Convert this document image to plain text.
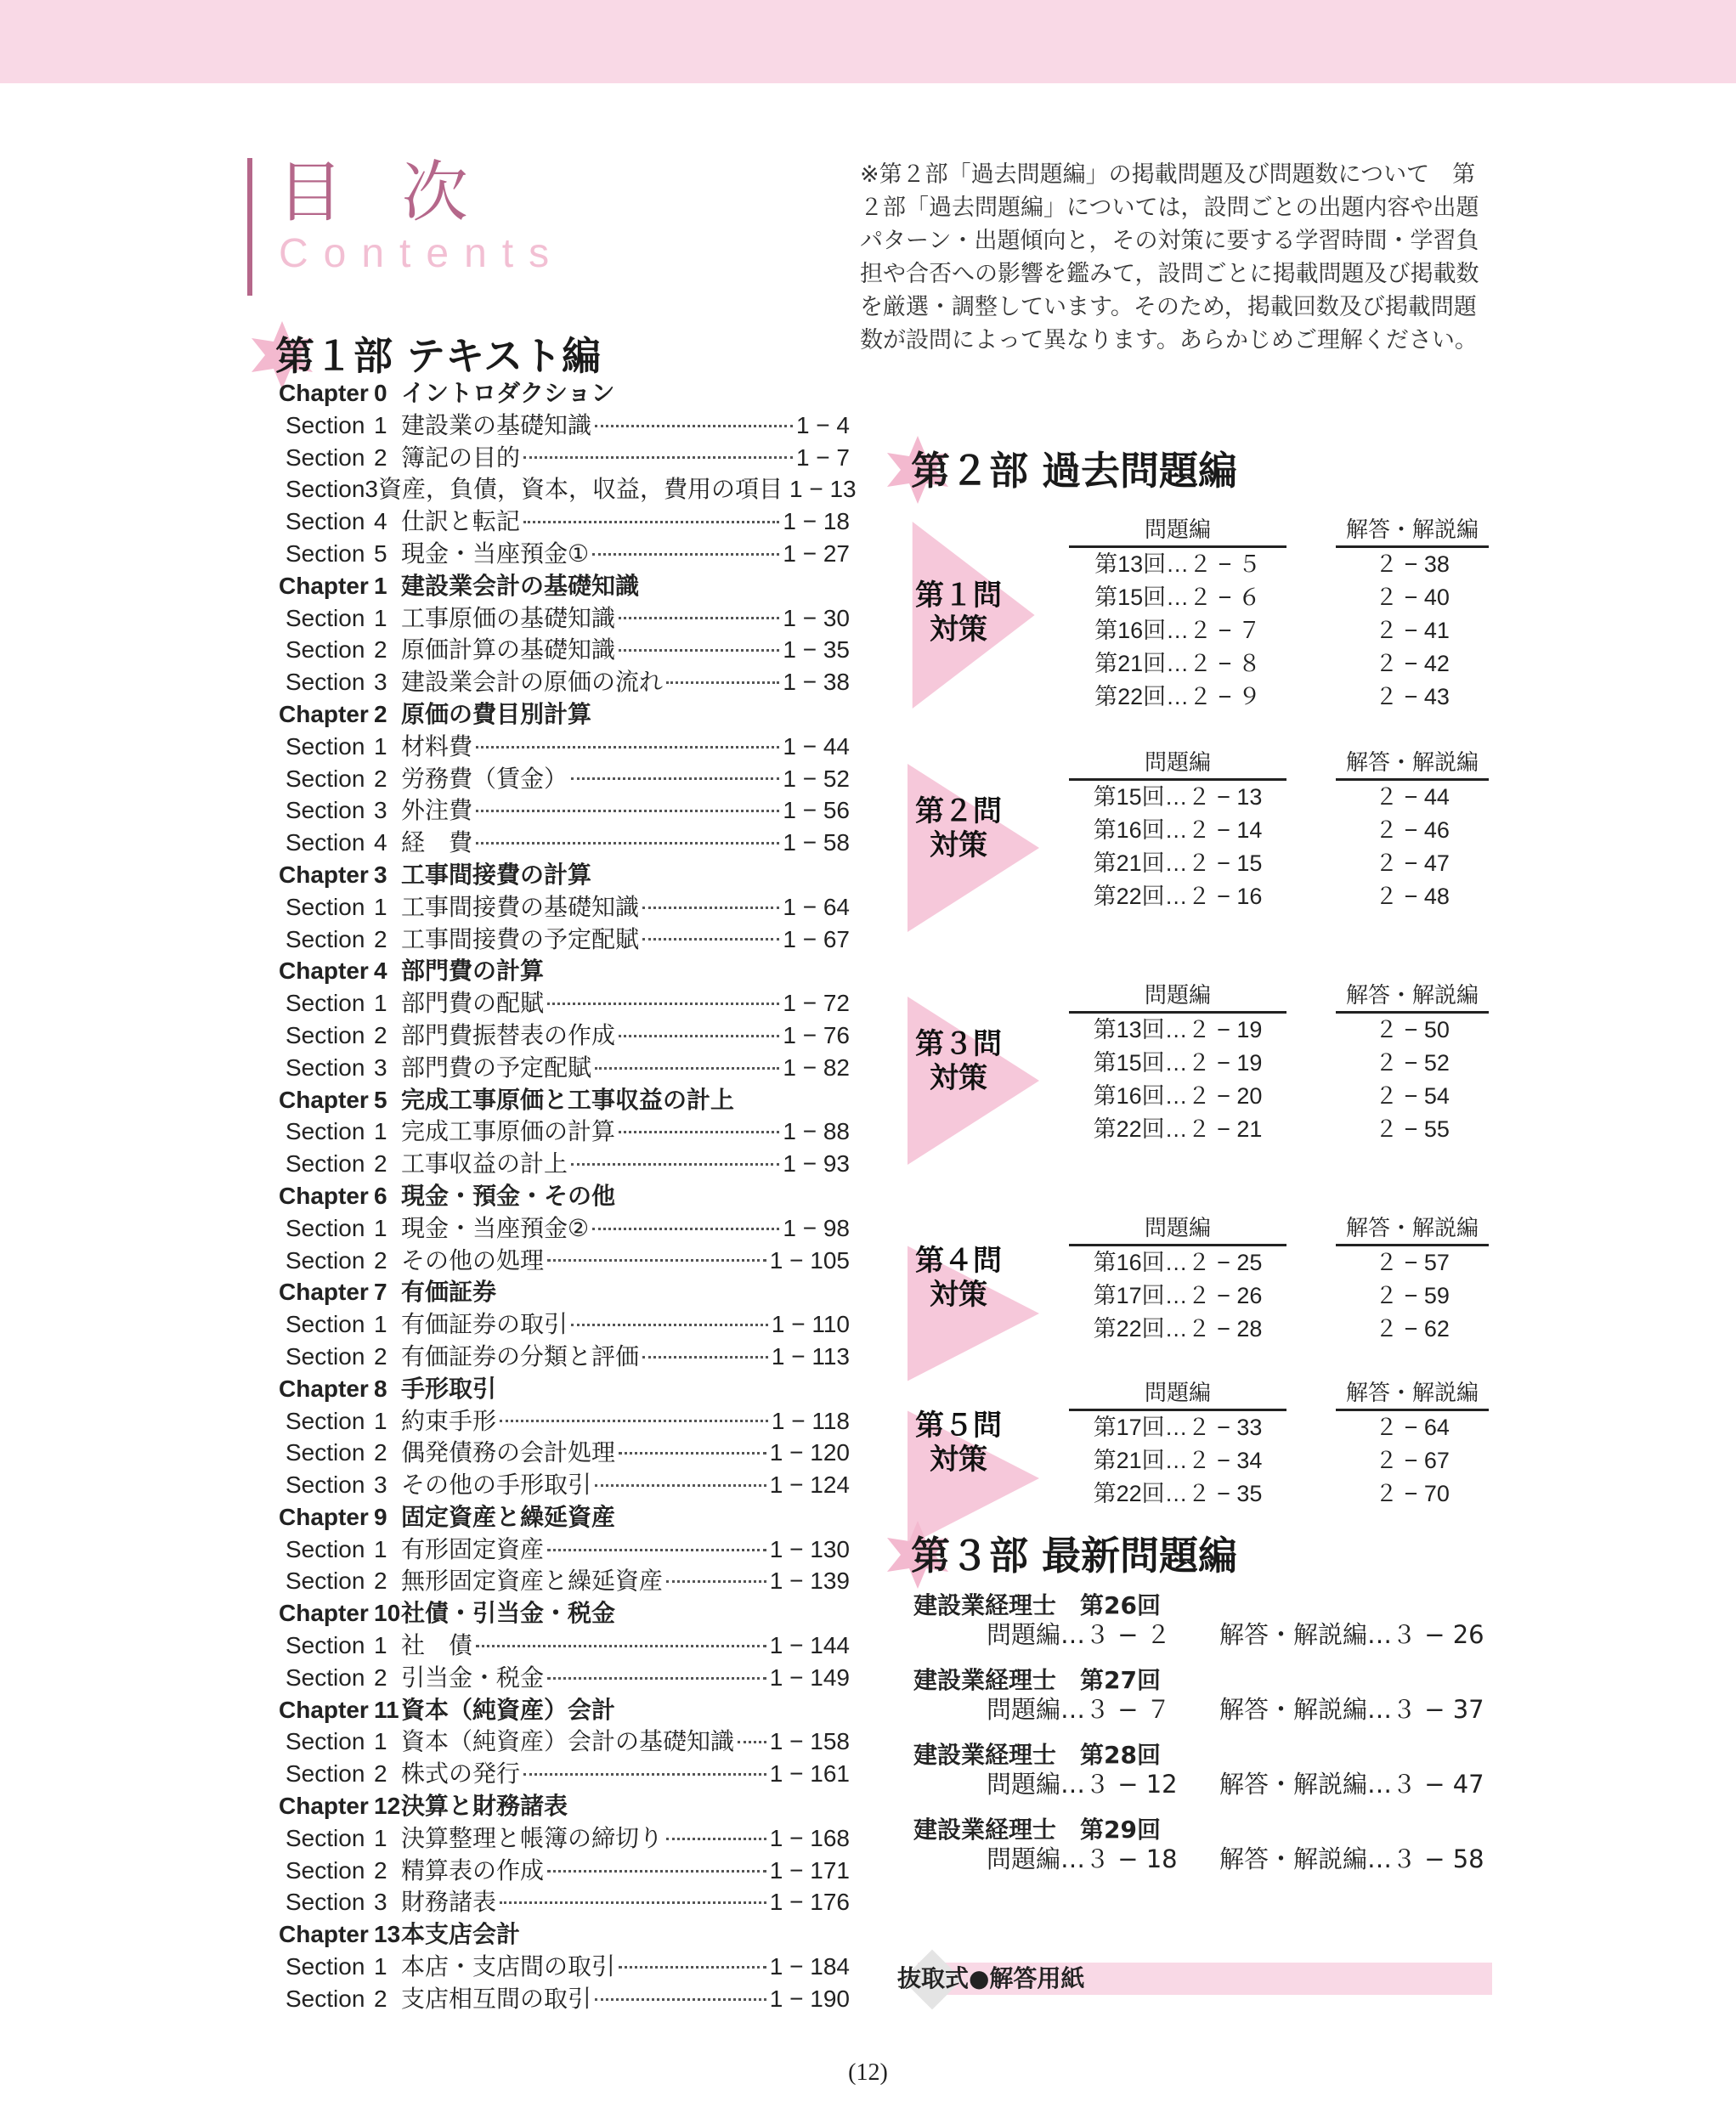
目 次
Contents
第１部 テキスト編
Chapter 0 イントロダクション
Section 1 建設業の基礎知識	1 − 4
Section 2 簿記の目的	1 − 7
Section 3 資産，負債，資本，収益，費用の項目 1 − 13
Section 4 仕訳と転記	1 − 18
Section 5 現金・当座預金①	1 − 27
Chapter 1 建設業会計の基礎知識
Section 1 工事原価の基礎知識	1 − 30
Section 2 原価計算の基礎知識	1 − 35
Section 3 建設業会計の原価の流れ	1 − 38
Chapter 2 原価の費目別計算
Section 1 材料費	1 − 44
Section 2 労務費（賃金）	1 − 52
Section 3 外注費	1 − 56
Section 4 経　費	1 − 58
Chapter 3 工事間接費の計算
Section 1 工事間接費の基礎知識	1 − 64
Section 2 工事間接費の予定配賦	1 − 67
Chapter 4 部門費の計算
Section 1 部門費の配賦	1 − 72
Section 2 部門費振替表の作成	1 − 76
Section 3 部門費の予定配賦	1 − 82
Chapter 5 完成工事原価と工事収益の計上
Section 1 完成工事原価の計算	1 − 88
Section 2 工事収益の計上	1 − 93
Chapter 6 現金・預金・その他
Section 1 現金・当座預金②	1 − 98
Section 2 その他の処理	1 − 105
Chapter 7 有価証券
Section 1 有価証券の取引	1 − 110
Section 2 有価証券の分類と評価	1 − 113
Chapter 8 手形取引
Section 1 約束手形	1 − 118
Section 2 偶発債務の会計処理	1 − 120
Section 3 その他の手形取引	1 − 124
Chapter 9 固定資産と繰延資産
Section 1 有形固定資産	1 − 130
Section 2 無形固定資産と繰延資産	1 − 139
Chapter 10 社債・引当金・税金
Section 1 社　債	1 − 144
Section 2 引当金・税金	1 − 149
Chapter 11 資本（純資産）会計
Section 1 資本（純資産）会計の基礎知識 1 − 158
Section 2 株式の発行	1 − 161
Chapter 12 決算と財務諸表
Section 1 決算整理と帳簿の締切り	1 − 168
Section 2 精算表の作成	1 − 171
Section 3 財務諸表	1 − 176
Chapter 13 本支店会計
Section 1 本店・支店間の取引	1 − 184
Section 2 支店相互間の取引	1 − 190
※第２部「過去問題編」の掲載問題及び問題数について　第２部「過去問題編」については，設問ごとの出題内容や出題パターン・出題傾向と，その対策に要する学習時間・学習負担や合否への影響を鑑みて，設問ごとに掲載問題及び掲載数を厳選・調整しています。そのため，掲載回数及び掲載問題数が設問によって異なります。あらかじめご理解ください。
第２部 過去問題編
第１問
対策
問題編	解答・解説編
第13回…２ − ５	２ − 38
第15回…２ − ６	２ − 40
第16回…２ − ７	２ − 41
第21回…２ − ８	２ − 42
第22回…２ − ９	２ − 43
第２問
対策
問題編	解答・解説編
第15回…２ − 13	２ − 44
第16回…２ − 14	２ − 46
第21回…２ − 15	２ − 47
第22回…２ − 16	２ − 48
第３問
対策
問題編	解答・解説編
第13回…２ − 19	２ − 50
第15回…２ − 19	２ − 52
第16回…２ − 20	２ − 54
第22回…２ − 21	２ − 55
第４問
対策
問題編	解答・解説編
第16回…２ − 25	２ − 57
第17回…２ − 26	２ − 59
第22回…２ − 28	２ − 62
第５問
対策
問題編	解答・解説編
第17回…２ − 33	２ − 64
第21回…２ − 34	２ − 67
第22回…２ − 35	２ − 70
第３部 最新問題編
建設業経理士　第26回
問題編…３ − ２ 解答・解説編…３ − 26
建設業経理士　第27回
問題編…３ − ７ 解答・解説編…３ − 37
建設業経理士　第28回
問題編…３ − 12 解答・解説編…３ − 47
建設業経理士　第29回
問題編…３ − 18 解答・解説編…３ − 58
抜取式●解答用紙
(12)
